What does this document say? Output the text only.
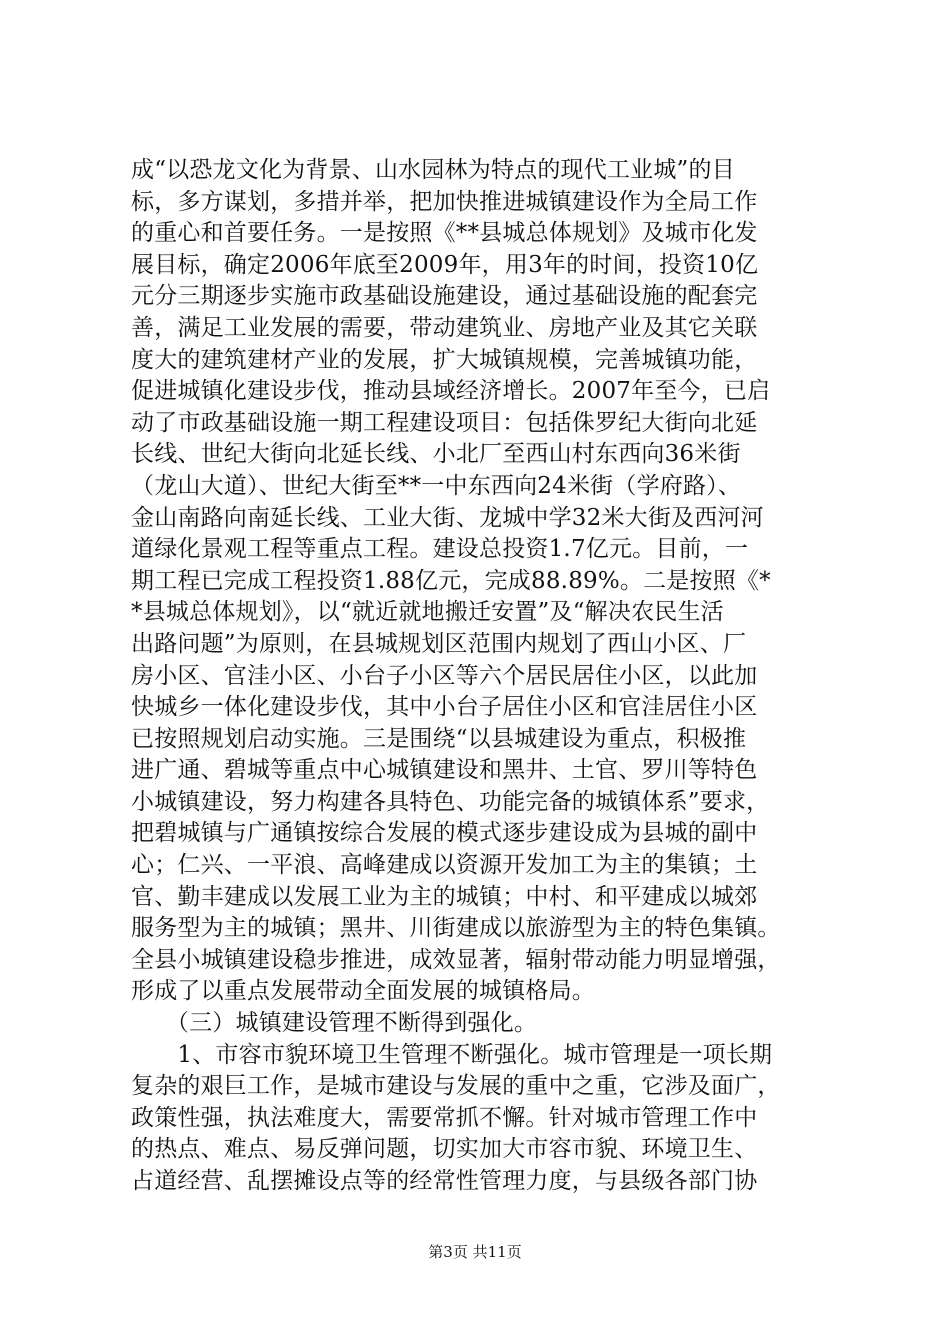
成“以恐龙文化为背景、山水园林为特点的现代工业城”的目
标，多方谋划，多措并举，把加快推进城镇建设作为全局工作
的重心和首要任务。一是按照《**县城总体规划》及城市化发
展目标，确定2006年底至2009年，用3年的时间，投资10亿
元分三期逐步实施市政基础设施建设，通过基础设施的配套完
善，满足工业发展的需要，带动建筑业、房地产业及其它关联
度大的建筑建材产业的发展，扩大城镇规模，完善城镇功能，
促进城镇化建设步伐，推动县域经济增长。2007年至今，已启
动了市政基础设施一期工程建设项目：包括侏罗纪大街向北延
长线、世纪大街向北延长线、小北厂至西山村东西向36米街
（龙山大道）、世纪大街至**一中东西向24米街（学府路）、
金山南路向南延长线、工业大街、龙城中学32米大街及西河河
道绿化景观工程等重点工程。建设总投资1.7亿元。目前，一
期工程已完成工程投资1.88亿元，完成88.89%。二是按照《*
*县城总体规划》，以“就近就地搬迁安置”及“解决农民生活
出路问题”为原则，在县城规划区范围内规划了西山小区、厂
房小区、官洼小区、小台子小区等六个居民居住小区，以此加
快城乡一体化建设步伐，其中小台子居住小区和官洼居住小区
已按照规划启动实施。三是围绕“以县城建设为重点，积极推
进广通、碧城等重点中心城镇建设和黑井、土官、罗川等特色
小城镇建设，努力构建各具特色、功能完备的城镇体系”要求，
把碧城镇与广通镇按综合发展的模式逐步建设成为县城的副中
心；仁兴、一平浪、高峰建成以资源开发加工为主的集镇；土
官、勤丰建成以发展工业为主的城镇；中村、和平建成以城郊
服务型为主的城镇；黑井、川街建成以旅游型为主的特色集镇。
全县小城镇建设稳步推进，成效显著，辐射带动能力明显增强，
形成了以重点发展带动全面发展的城镇格局。
　　（三）城镇建设管理不断得到强化。
　　1、市容市貌环境卫生管理不断强化。城市管理是一项长期
复杂的艰巨工作，是城市建设与发展的重中之重，它涉及面广，
政策性强，执法难度大，需要常抓不懈。针对城市管理工作中
的热点、难点、易反弹问题，切实加大市容市貌、环境卫生、
占道经营、乱摆摊设点等的经常性管理力度，与县级各部门协
第3页 共11页
